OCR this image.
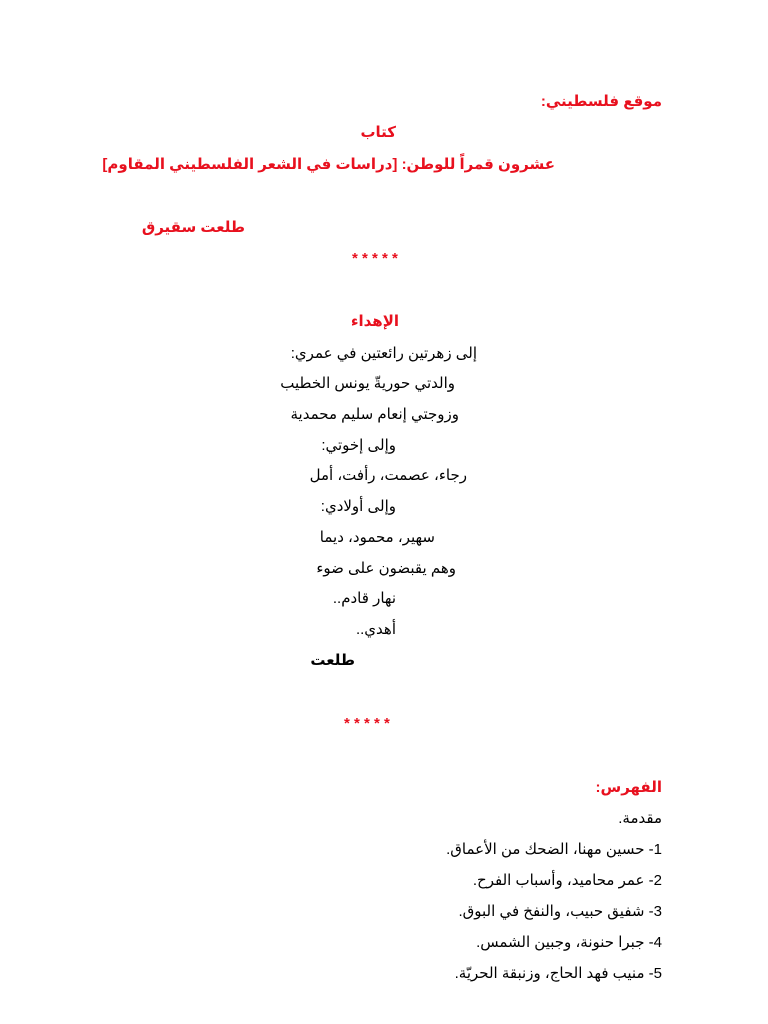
موقع فلسطيني:
كتاب
عشرون قمراً للوطن: [دراسات في الشعر الفلسطيني المقاوم]
طلعت سقيرق
* * * * *
الإهداء
إلى زهرتين رائعتين في عمري:
والدتي حوريةّ يونس الخطيب
وزوجتي إنعام سليم محمدية
وإلى إخوتي:
رجاء، عصمت، رأفت، أمل
وإلى أولادي:
سهير، محمود، ديما
وهم يقبضون على ضوء
نهار قادم..
أهدي..
طلعت
* * * * *
الفهرس:
مقدمة.
1- حسين مهنا، الضحك من الأعماق.
2- عمر محاميد، وأسباب الفرح.
3- شفيق حبيب، والنفخ في البوق.
4- جبرا حنونة، وجبين الشمس.
5- منيب فهد الحاج، وزنبقة الحريّة.
